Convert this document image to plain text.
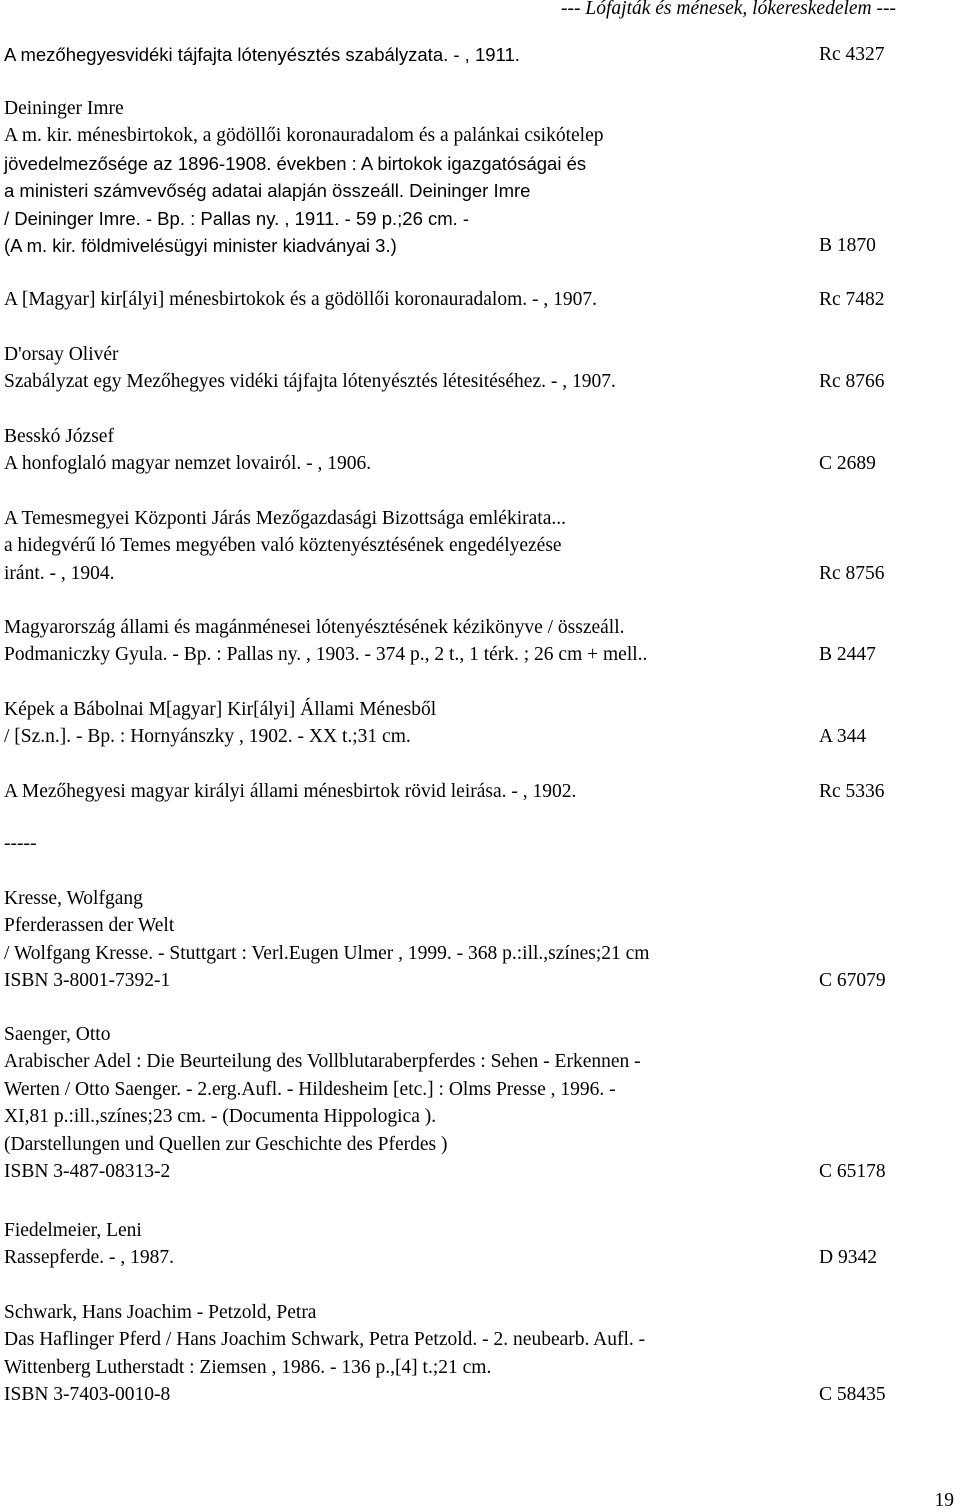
--- Lófajták és ménesek, lókereskedelem ---
A mezőhegyesvidéki tájfajta lótenyésztés szabályzata. - , 1911.	Rc 4327
Deininger Imre
A m. kir. ménesbirtokok, a gödöllői koronauradalom és a palánkai csikótelep
jövedelmezősége az 1896-1908. években : A birtokok igazgatóságai és
a ministeri számvevőség adatai alapján összeáll. Deininger Imre
/ Deininger Imre. - Bp. : Pallas ny. , 1911. - 59 p.;26 cm. -
(A m. kir. földmivelésügyi minister kiadványai 3.)	B 1870
A [Magyar] kir[ályi] ménesbirtokok és a gödöllői koronauradalom. - , 1907.	Rc 7482
D'orsay Olivér
Szabályzat egy Mezőhegyes vidéki tájfajta lótenyésztés létesitéséhez. - , 1907.	Rc 8766
Besskó József
A honfoglaló magyar nemzet lovairól. - , 1906.	C 2689
A Temesmegyei Központi Járás Mezőgazdasági Bizottsága emlékirata...
a hidegvérű ló Temes megyében való köztenyésztésének engedélyezése
iránt. - , 1904.	Rc 8756
Magyarország állami és magánménesei lótenyésztésének kézikönyve / összeáll.
Podmaniczky Gyula. - Bp. : Pallas ny. , 1903. - 374 p., 2 t., 1 térk. ; 26 cm + mell..	B 2447
Képek a Bábolnai M[agyar] Kir[ályi] Állami Ménesből
/ [Sz.n.]. - Bp. : Hornyánszky , 1902. - XX t.;31 cm.	A 344
A Mezőhegyesi magyar királyi állami ménesbirtok rövid leirása. - , 1902.	Rc 5336
-----
Kresse, Wolfgang
Pferderassen der Welt
/ Wolfgang Kresse. - Stuttgart : Verl.Eugen Ulmer , 1999. - 368 p.:ill.,színes;21 cm
ISBN 3-8001-7392-1	C 67079
Saenger, Otto
Arabischer Adel : Die Beurteilung des Vollblutaraberpferdes : Sehen - Erkennen -
Werten / Otto Saenger. - 2.erg.Aufl. - Hildesheim [etc.] : Olms Presse , 1996. -
XI,81 p.:ill.,színes;23 cm. - (Documenta Hippologica ).
(Darstellungen und Quellen zur Geschichte des Pferdes )
ISBN 3-487-08313-2	C 65178
Fiedelmeier, Leni
Rassepferde. - , 1987.	D 9342
Schwark, Hans Joachim - Petzold, Petra
Das Haflinger Pferd / Hans Joachim Schwark, Petra Petzold. - 2. neubearb. Aufl. -
Wittenberg Lutherstadt : Ziemsen , 1986. - 136 p.,[4] t.;21 cm.
ISBN 3-7403-0010-8	C 58435
19
